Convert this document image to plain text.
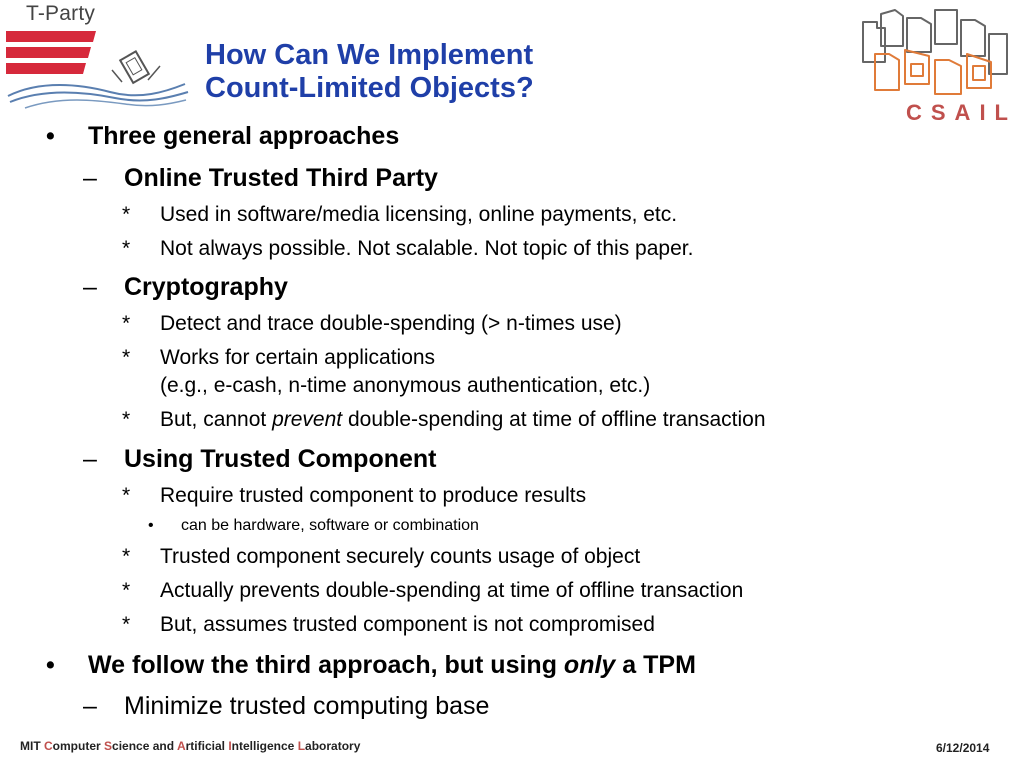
T-Party
CSAIL
How Can We Implement
Count-Limited Objects?
• Three general approaches
– Online Trusted Third Party
* Used in software/media licensing, online payments, etc.
* Not always possible. Not scalable. Not topic of this paper.
– Cryptography
* Detect and trace double-spending (> n-times use)
* Works for certain applications
(e.g., e-cash, n-time anonymous authentication, etc.)
* But, cannot prevent double-spending at time of offline transaction
– Using Trusted Component
* Require trusted component to produce results
• can be hardware, software or combination
* Trusted component securely counts usage of object
* Actually prevents double-spending at time of offline transaction
* But, assumes trusted component is not compromised
• We follow the third approach, but using only a TPM
– Minimize trusted computing base
MIT Computer Science and Artificial Intelligence Laboratory	6/12/2014
